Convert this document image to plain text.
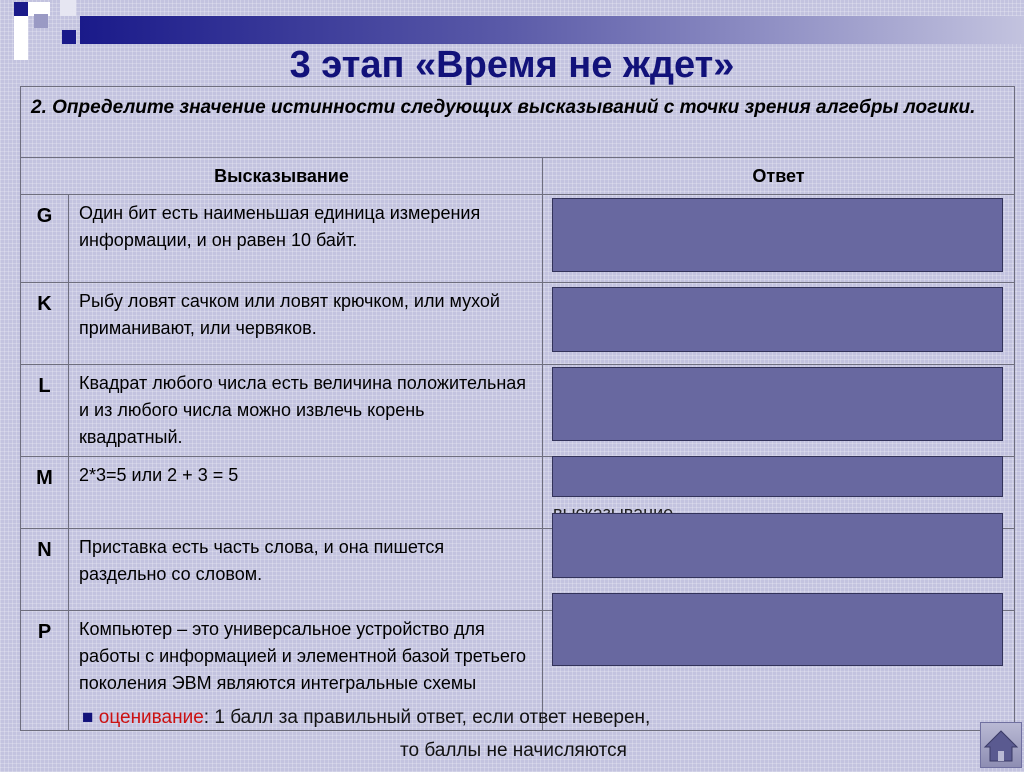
3 этап «Время не ждет»
2. Определите значение истинности следующих высказываний с точки зрения алгебры логики.		
Высказывание		Ответ
G	Один бит есть наименьшая единица измерения информации, и он равен 10 байт.	
K	Рыбу ловят сачком или ловят крючком, или мухой приманивают, или червяков.	
L	Квадрат любого числа есть величина положительная и из любого числа можно извлечь корень квадратный.	
M	2*3=5 или 2 + 3 = 5	
N	Приставка есть часть слова, и она пишется раздельно со словом.	
P	Компьютер – это универсальное устройство для работы с информацией и элементной базой третьего поколения ЭВМ являются интегральные схемы	
■ оценивание: 1 балл за правильный ответ, если ответ неверен,
то баллы не начисляются
